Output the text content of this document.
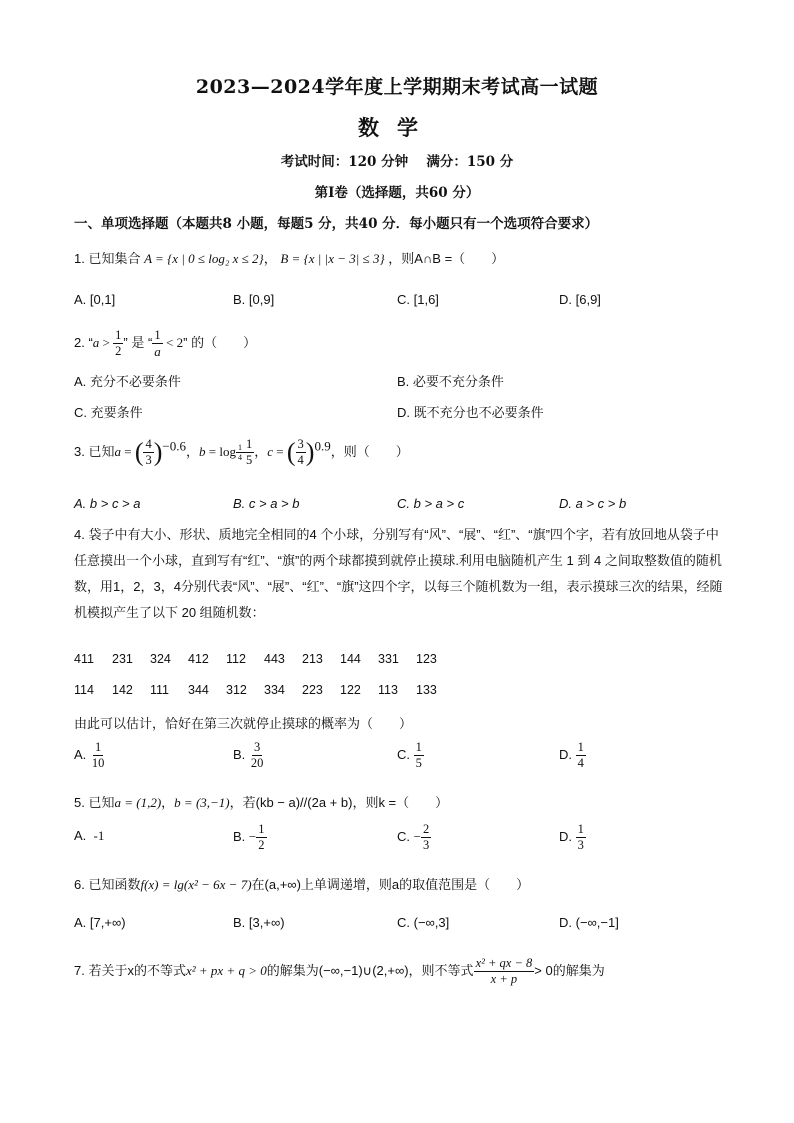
2023—2024学年度上学期期末考试高一试题
数学
考试时间：120 分钟　 满分：150 分
第Ⅰ卷（选择题，共60 分）
一、单项选择题（本题共8 小题，每题5 分，共40 分．每小题只有一个选项符合要求）
1. 已知集合 A = {x | 0 ≤ log₂ x ≤ 2}， B = {x | |x − 3| ≤ 3} ，则A∩B =（　　）
A. [0,1]	B. [0,9]	C. [1,6]	D. [6,9]
2. “$a > \frac{1}{2}$ ” 是 “ $\frac{1}{a} < 2$” 的（　　）
A. 充分不必要条件	B. 必要不充分条件
C. 充要条件	D. 既不充分也不必要条件
3. 已知a = ( $\frac{4}{3} )^{-0.6}$，$b = \log \frac{1}{4} \frac{1}{5}$ ，c = ( $\frac{3}{4} )^{0.9}$，则（　　）
A. b > c > a	B. c > a > b	C. b > a > c	D. a > c > b
4. 袋子中有大小、形状、质地完全相同的4 个小球，分别写有“风”、“展”、“红”、“旗”四个字，若有放回地从袋子中任意摸出一个小球，直到写有“红”、“旗”的两个球都摸到就停止摸球.利用电脑随机产生 1 到 4 之间取整数值的随机数，用1，2，3，4分别代表“风”、“展”、“红”、“旗”这四个字，以每三个随机数为一组，表示摸球三次的结果，经随机模拟产生了以下 20 组随机数：
411 231 324 412 112 443 213 144 331 123
114 142 111 344 312 334 223 122 113 133
由此可以估计，恰好在第三次就停止摸球的概率为（　　）
A. $\frac{1}{10}$	B. $\frac{3}{20}$	C. $\frac{1}{5}$	D. $\frac{1}{4}$
5. 已知a = (1,2)，b = (3,−1)，若(kb − a)//(2a + b)，则k =（　　）
A. -1	B. − $\frac{1}{2}$	C. − $\frac{2}{3}$	D. $\frac{1}{3}$
6. 已知函数f(x) = lg(x² − 6x − 7)在(a,+∞)上单调递增，则a的取值范围是（　　）
A. [7,+∞)	B. [3,+∞)	C. (−∞,3]	D. (−∞,−1]
7. 若关于x的不等式x² + px + q > 0的解集为(−∞,−1)∪(2,+∞)，则不等式 $\frac{\text{x² + qx − 8}}{x + p} > 0$的解集为
